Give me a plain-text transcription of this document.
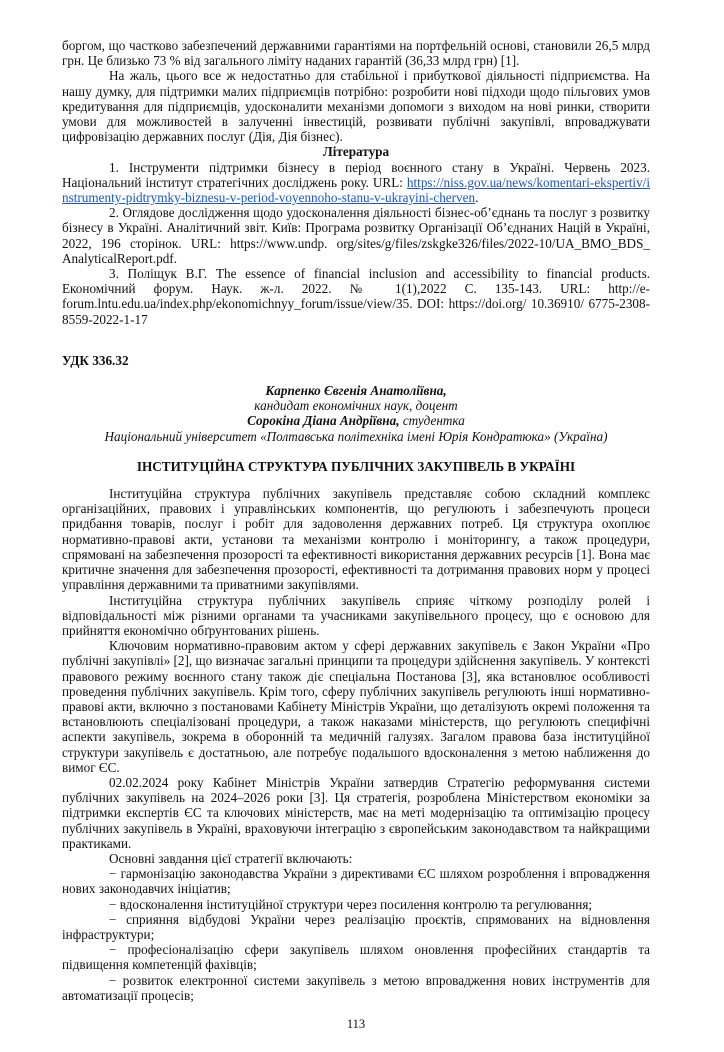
боргом, що частково забезпечений державними гарантіями на портфельній основі, становили 26,5 млрд грн. Це близько 73 % від загального ліміту наданих гарантій (36,33 млрд грн) [1].

На жаль, цього все ж недостатньо для стабільної і прибуткової діяльності підприємства. На нашу думку, для підтримки малих підприємців потрібно: розробити нові підходи щодо пільгових умов кредитування для підприємців, удосконалити механізми допомоги з виходом на нові ринки, створити умови для можливостей в залученні інвестицій, розвивати публічні закупівлі, впроваджувати цифровізацію державних послуг (Дія, Дія бізнес).

Література

1. Інструменти підтримки бізнесу в період воєнного стану в Україні. Червень 2023. Національний інститут стратегічних досліджень року. URL: https://niss.gov.ua/news/komentari-ekspertiv/instrumenty-pidtrymky-biznesu-v-period-voyennoho-stanu-v-ukrayini-cherven.

2. Оглядове дослідження щодо удосконалення діяльності бізнес-об’єднань та послуг з розвитку бізнесу в Україні. Аналітичний звіт. Київ: Програма розвитку Організації Об’єднаних Націй в Україні, 2022, 196 сторінок. URL: https://www.undp. org/sites/g/files/zskgke326/files/2022-10/UA_BMO_BDS_ AnalyticalReport.pdf.

3. Поліщук В.Г. The essence of financial inclusion and accessibility to financial products. Економічний форум. Наук. ж-л. 2022. № 1(1),2022 С. 135-143. URL: http://e-forum.lntu.edu.ua/index.php/ekonomichnyy_forum/issue/view/35. DOI: https://doi.org/ 10.36910/ 6775-2308-8559-2022-1-17

УДК 336.32

Карпенко Євгенія Анатоліївна,

кандидат економічних наук, доцент

Сорокіна Діана Андріївна, студентка

Національний університет «Полтавська політехніка імені Юрія Кондратюка» (Україна)

ІНСТИТУЦІЙНА СТРУКТУРА ПУБЛІЧНИХ ЗАКУПІВЕЛЬ В УКРАЇНІ

Інституційна структура публічних закупівель представляє собою складний комплекс організаційних, правових і управлінських компонентів, що регулюють і забезпечують процеси придбання товарів, послуг і робіт для задоволення державних потреб. Ця структура охоплює нормативно-правові акти, установи та механізми контролю і моніторингу, а також процедури, спрямовані на забезпечення прозорості та ефективності використання державних ресурсів [1]. Вона має критичне значення для забезпечення прозорості, ефективності та дотримання правових норм у процесі управління державними та приватними закупівлями.

Інституційна структура публічних закупівель сприяє чіткому розподілу ролей і відповідальності між різними органами та учасниками закупівельного процесу, що є основою для прийняття економічно обґрунтованих рішень.

Ключовим нормативно-правовим актом у сфері державних закупівель є Закон України «Про публічні закупівлі» [2], що визначає загальні принципи та процедури здійснення закупівель. У контексті правового режиму воєнного стану також діє спеціальна Постанова [3], яка встановлює особливості проведення публічних закупівель. Крім того, сферу публічних закупівель регулюють інші нормативно-правові акти, включно з постановами Кабінету Міністрів України, що деталізують окремі положення та встановлюють спеціалізовані процедури, а також наказами міністерств, що регулюють специфічні аспекти закупівель, зокрема в оборонній та медичній галузях. Загалом правова база інституційної структури закупівель є достатньою, але потребує подальшого вдосконалення з метою наближення до вимог ЄС.

02.02.2024 року Кабінет Міністрів України затвердив Стратегію реформування системи публічних закупівель на 2024–2026 роки [3]. Ця стратегія, розроблена Міністерством економіки за підтримки експертів ЄС та ключових міністерств, має на меті модернізацію та оптимізацію процесу публічних закупівель в Україні, враховуючи інтеграцію з європейським законодавством та найкращими практиками.

Основні завдання цієї стратегії включають:

− гармонізацію законодавства України з директивами ЄС шляхом розроблення і впровадження нових законодавчих ініціатив;

− вдосконалення інституційної структури через посилення контролю та регулювання;

− сприяння відбудові України через реалізацію проєктів, спрямованих на відновлення інфраструктури;

− професіоналізацію сфери закупівель шляхом оновлення професійних стандартів та підвищення компетенцій фахівців;

− розвиток електронної системи закупівель з метою впровадження нових інструментів для автоматизації процесів;

113
